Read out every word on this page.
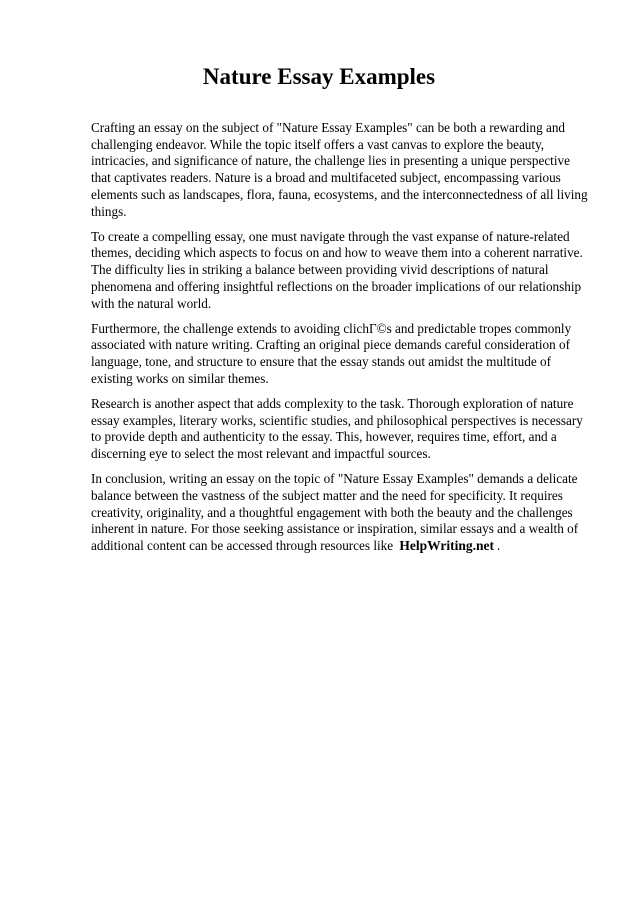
Nature Essay Examples

Crafting an essay on the subject of "Nature Essay Examples" can be both a rewarding and challenging endeavor. While the topic itself offers a vast canvas to explore the beauty, intricacies, and significance of nature, the challenge lies in presenting a unique perspective that captivates readers. Nature is a broad and multifaceted subject, encompassing various elements such as landscapes, flora, fauna, ecosystems, and the interconnectedness of all living things.

To create a compelling essay, one must navigate through the vast expanse of nature-related themes, deciding which aspects to focus on and how to weave them into a coherent narrative. The difficulty lies in striking a balance between providing vivid descriptions of natural phenomena and offering insightful reflections on the broader implications of our relationship with the natural world.

Furthermore, the challenge extends to avoiding clichГ©s and predictable tropes commonly associated with nature writing. Crafting an original piece demands careful consideration of language, tone, and structure to ensure that the essay stands out amidst the multitude of existing works on similar themes.

Research is another aspect that adds complexity to the task. Thorough exploration of nature essay examples, literary works, scientific studies, and philosophical perspectives is necessary to provide depth and authenticity to the essay. This, however, requires time, effort, and a discerning eye to select the most relevant and impactful sources.

In conclusion, writing an essay on the topic of "Nature Essay Examples" demands a delicate balance between the vastness of the subject matter and the need for specificity. It requires creativity, originality, and a thoughtful engagement with both the beauty and the challenges inherent in nature. For those seeking assistance or inspiration, similar essays and a wealth of additional content can be accessed through resources like HelpWriting.net .
